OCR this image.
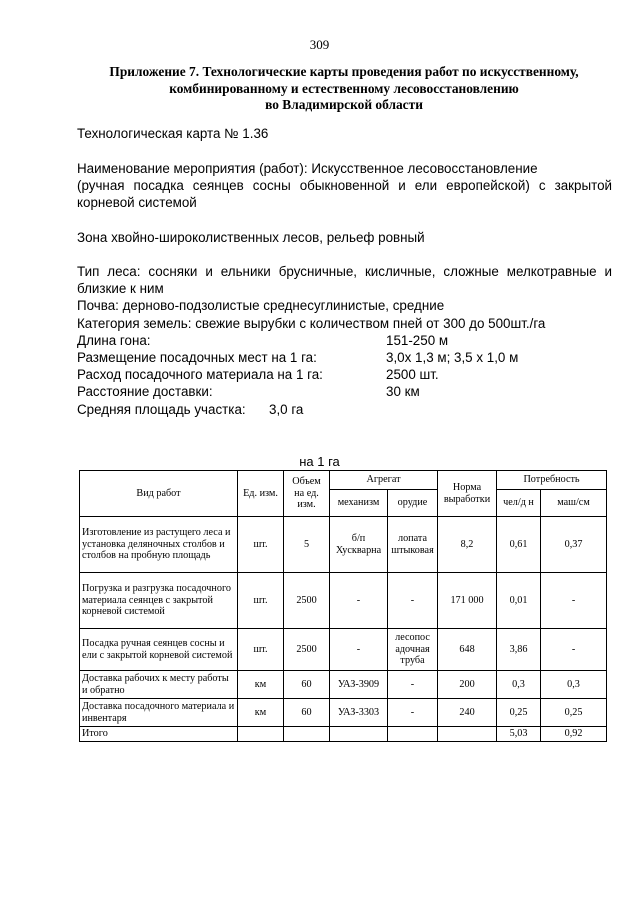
309
Приложение 7. Технологические карты проведения работ по искусственному,
комбинированному и естественному лесовосстановлению
во Владимирской области
Технологическая карта № 1.36
Наименование мероприятия (работ): Искусственное лесовосстановление
(ручная посадка сеянцев сосны обыкновенной и ели европейской) с закрытой корневой системой
Зона хвойно-широколиственных лесов, рельеф ровный
Тип леса: сосняки и ельники брусничные, кисличные, сложные мелкотравные и близкие к ним
Почва: дерново-подзолистые среднесуглинистые, средние
Категория земель: свежие вырубки с количеством пней от 300 до 500шт./га
Длина гона:	151-250 м
Размещение посадочных мест на 1 га:	3,0х 1,3 м; 3,5 х 1,0 м
Расход посадочного материала на 1 га:	2500 шт.
Расстояние доставки:	30 км
Средняя площадь участка: 3,0 га
на 1 га
Вид работ	Ед. изм.	Объем на ед. изм.	Агрегат		Норма выработки	Потребность	
			механизм	орудие		чел/д н	маш/см
Изготовление из растущего леса и установка деляночных столбов и столбов на пробную площадь	шт.	5	б/п Хускварна	лопата штыковая	8,2	0,61	0,37
Погрузка и разгрузка посадочного материала сеянцев с закрытой корневой системой	шт.	2500	-	-	171 000	0,01	-
Посадка ручная сеянцев сосны и ели с закрытой корневой системой	шт.	2500	-	лесопос адочная труба	648	3,86	-
Доставка рабочих к месту работы и обратно	км	60	УАЗ-3909	-	200	0,3	0,3
Доставка посадочного материала и инвентаря	км	60	УАЗ-3303	-	240	0,25	0,25
Итого						5,03	0,92
